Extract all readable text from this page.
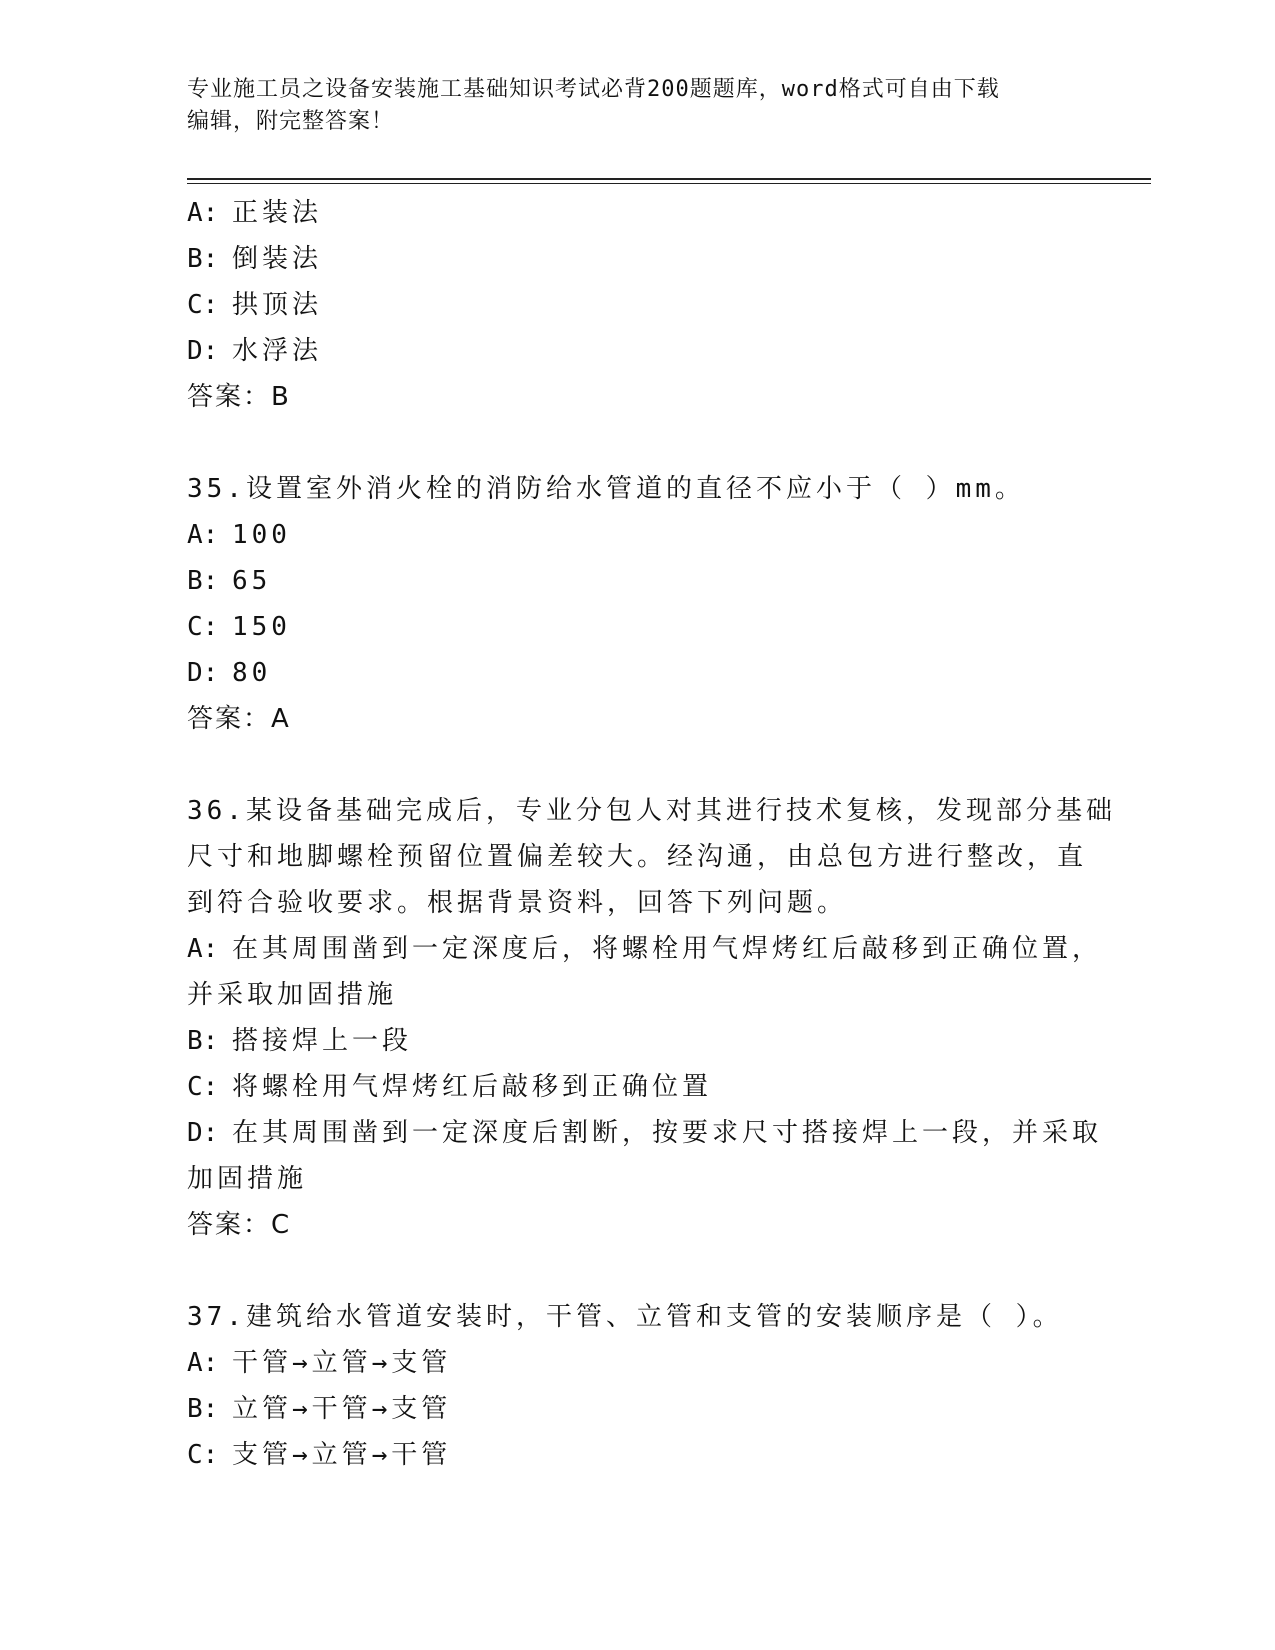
专业施工员之设备安装施工基础知识考试必背200题题库，word格式可自由下载
编辑，附完整答案！
A: 正装法
B: 倒装法
C: 拱顶法
D: 水浮法
答案：B
35.设置室外消火栓的消防给水管道的直径不应小于（ ）mm。
A: 100
B: 65
C: 150
D: 80
答案：A
36.某设备基础完成后，专业分包人对其进行技术复核，发现部分基础
尺寸和地脚螺栓预留位置偏差较大。经沟通，由总包方进行整改，直
到符合验收要求。根据背景资料，回答下列问题。
A: 在其周围凿到一定深度后，将螺栓用气焊烤红后敲移到正确位置，
并采取加固措施
B: 搭接焊上一段
C: 将螺栓用气焊烤红后敲移到正确位置
D: 在其周围凿到一定深度后割断，按要求尺寸搭接焊上一段，并采取
加固措施
答案：C
37.建筑给水管道安装时，干管、立管和支管的安装顺序是（ ）。
A: 干管→立管→支管
B: 立管→干管→支管
C: 支管→立管→干管
